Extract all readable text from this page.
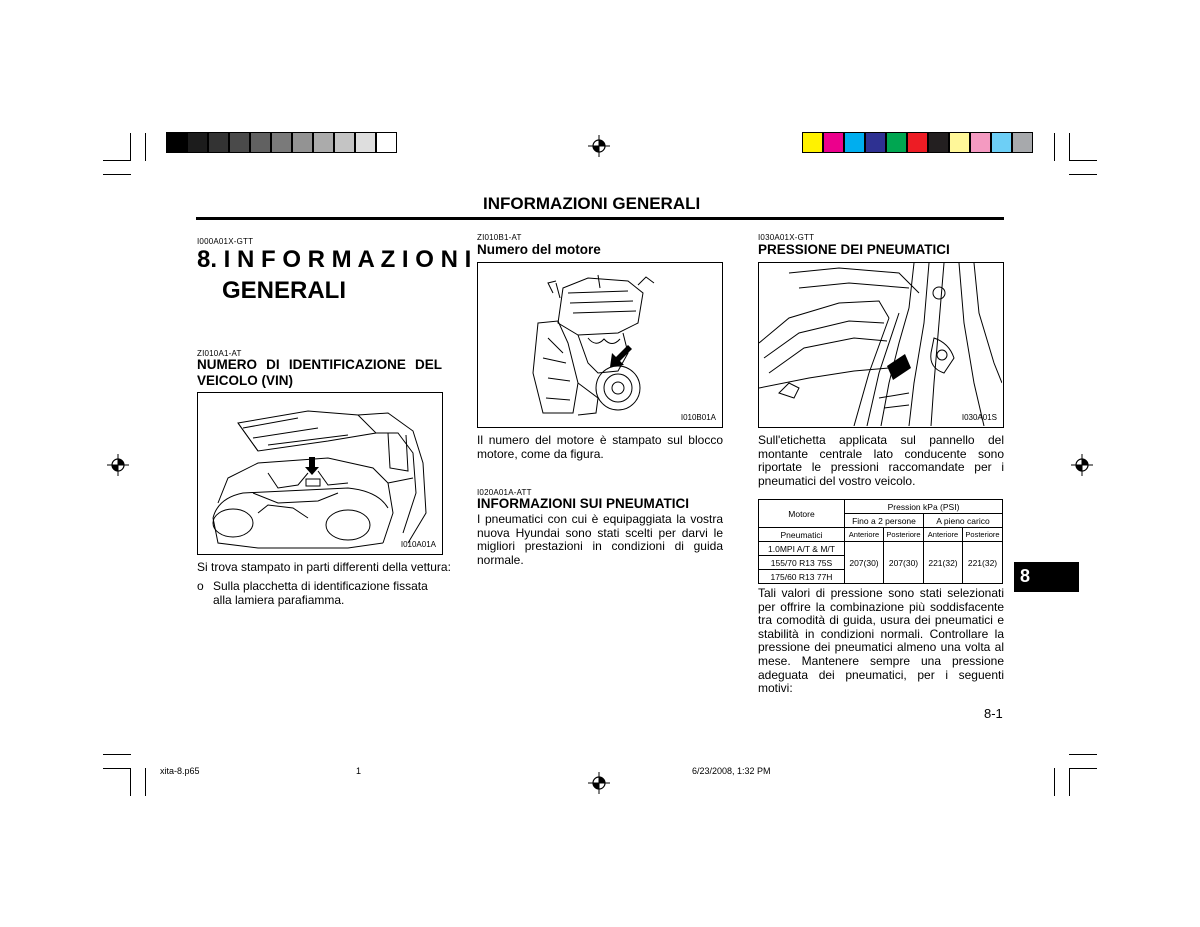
INFORMAZIONI GENERALI
I000A01X-GTT
8. I N F O R M A Z I O N I
GENERALI
ZI010A1-AT
NUMERO DI IDENTIFICAZIONE DEL
VEICOLO (VIN)
I010A01A
Si trova stampato in parti differenti della vettura:
o Sulla placchetta di identificazione fissata alla lamiera parafiamma.
ZI010B1-AT
Numero del motore
I010B01A
Il numero del motore è stampato sul blocco motore, come da figura.
I020A01A-ATT
INFORMAZIONI SUI PNEUMATICI
I pneumatici con cui è equipaggiata la vostra nuova Hyundai sono stati scelti per darvi le migliori prestazioni in condizioni di guida normale.
I030A01X-GTT
PRESSIONE DEI PNEUMATICI
I030A01S
Sull'etichetta applicata sul pannello del montante centrale lato conducente sono riportate le pressioni raccomandate per i pneumatici del vostro veicolo.
Motore	Pression kPa (PSI)			
	Fino a 2 persone		A pieno carico	
Pneumatici	Anteriore	Posteriore	Anteriore	Posteriore
1.0MPI A/T & M/T	207(30)	207(30)	221(32)	221(32)
155/70 R13 75S				
175/60 R13 77H				
Tali valori di pressione sono stati selezionati per offrire la combinazione più soddisfacente tra comodità di guida, usura dei pneumatici e stabilità in condizioni normali. Controllare la pressione dei pneumatici almeno una volta al mese. Mantenere sempre una pressione adeguata dei pneumatici, per i seguenti motivi:
8
8-1
xita-8.p65	1	6/23/2008, 1:32 PM
